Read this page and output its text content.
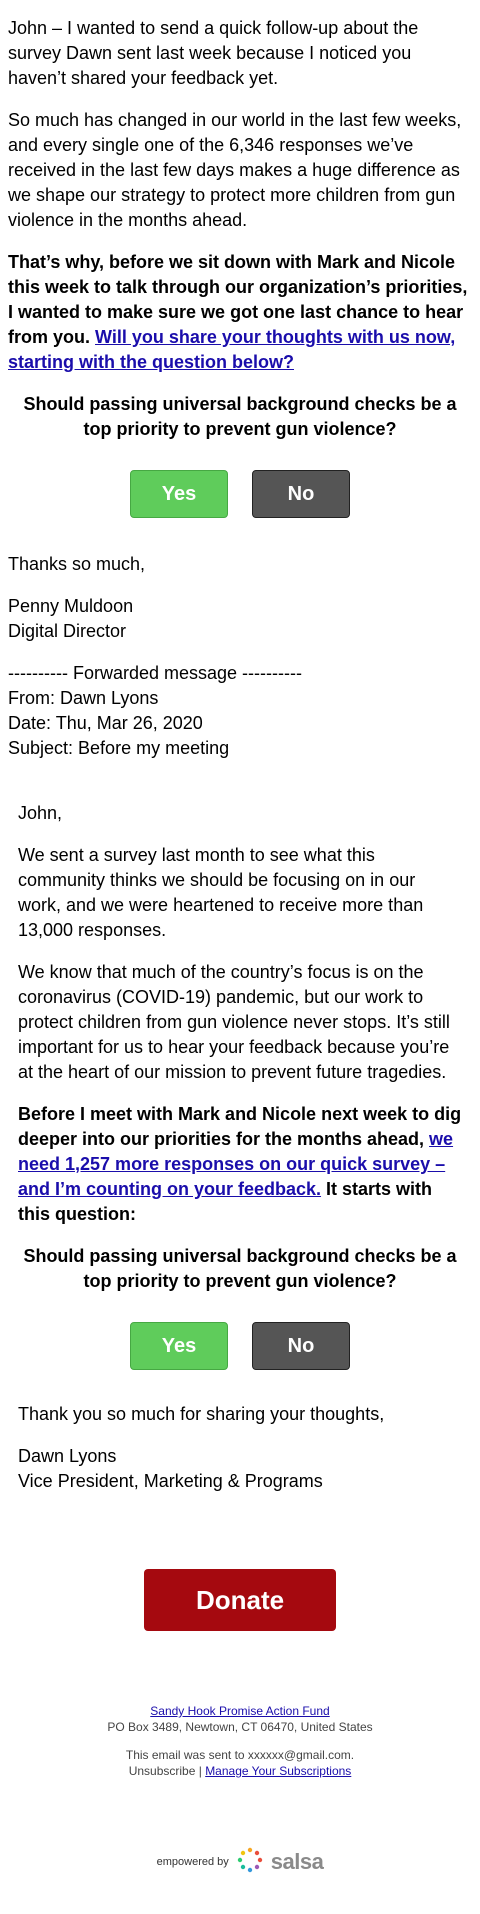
John – I wanted to send a quick follow-up about the survey Dawn sent last week because I noticed you haven’t shared your feedback yet.

So much has changed in our world in the last few weeks, and every single one of the 6,346 responses we’ve received in the last few days makes a huge difference as we shape our strategy to protect more children from gun violence in the months ahead.

That’s why, before we sit down with Mark and Nicole this week to talk through our organization’s priorities, I wanted to make sure we got one last chance to hear from you. Will you share your thoughts with us now, starting with the question below?

Should passing universal background checks be a top priority to prevent gun violence?

Yes	No
Thanks so much,
Penny Muldoon
Digital Director
---------- Forwarded message ----------
From: Dawn Lyons
Date: Thu, Mar 26, 2020
Subject: Before my meeting

John,

We sent a survey last month to see what this community thinks we should be focusing on in our work, and we were heartened to receive more than 13,000 responses.

We know that much of the country’s focus is on the coronavirus (COVID-19) pandemic, but our work to protect children from gun violence never stops. It’s still important for us to hear your feedback because you’re at the heart of our mission to prevent future tragedies.

Before I meet with Mark and Nicole next week to dig deeper into our priorities for the months ahead, we need 1,257 more responses on our quick survey – and I’m counting on your feedback. It starts with this question:

Should passing universal background checks be a top priority to prevent gun violence?

Yes	No
Thank you so much for sharing your thoughts,
Dawn Lyons
Vice President, Marketing & Programs
Donate
Sandy Hook Promise Action Fund
PO Box 3489, Newtown, CT 06470, United States
This email was sent to xxxxxx@gmail.com.
Unsubscribe | Manage Your Subscriptions
empowered by salsa
